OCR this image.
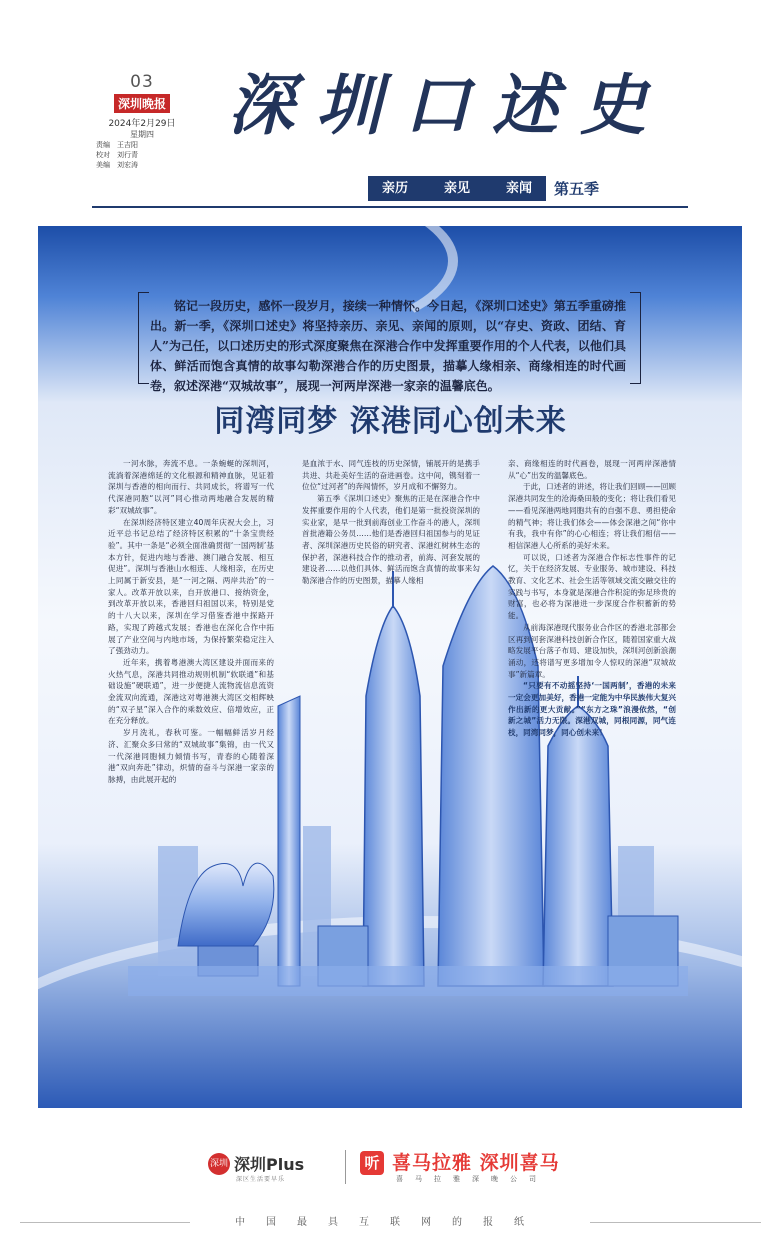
03
深圳晚报
2024年2月29日
星期四
责编　王吉阳
校对　刘行青
美编　刘宏涛
深圳口述史
亲历	亲见	亲闻 第五季
铭记一段历史，感怀一段岁月，接续一种情怀。今日起，《深圳口述史》第五季重磅推出。新一季，《深圳口述史》将坚持亲历、亲见、亲闻的原则，以“存史、资政、团结、育人”为己任，以口述历史的形式深度聚焦在深港合作中发挥重要作用的个人代表，以他们具体、鲜活而饱含真情的故事勾勒深港合作的历史图景，描摹人缘相亲、商缘相连的时代画卷，叙述深港“双城故事”，展现一河两岸深港一家亲的温馨底色。
同湾同梦 深港同心创未来

一河水脉，奔流不息。一条蜿蜒的深圳河，流淌着深港绵延的文化根源和精神血脉，见证着深圳与香港的相向而行、共同成长，将谱写一代代深港同胞“以河”同心推动两地融合发展的精彩“双城故事”。

在深圳经济特区建立40周年庆祝大会上，习近平总书记总结了经济特区积累的“十条宝贵经验”。其中一条是“必须全面准确贯彻‘一国两制’基本方针，促进内地与香港、澳门融合发展、相互促进”。深圳与香港山水相连、人缘相亲，在历史上同属于新安县，是“一河之隔、两岸共治”的一家人。改革开放以来，自开放港口、接纳资金，到改革开放以来，香港回归祖国以来，特别是党的十八大以来，深圳在学习借鉴香港中探路开路，实现了跨越式发展；香港也在深化合作中拓展了产业空间与内地市场，为保持繁荣稳定注入了强劲动力。

近年来，携着粤港澳大湾区建设并面而来的火热气息，深港共同推动规则机制“软联通”和基础设施“硬联通”，进一步便捷人流物流信息流资金流双向流通，深港这对粤港澳大湾区交相辉映的“双子星”深入合作的乘数效应、倍增效应，正在充分释放。

岁月洗礼，春秋可鉴。一幅幅鲜活岁月经济、汇聚众多曰常的“双城故事”集锦，由一代又一代深港同胞倾力倾情书写，青春的心随着深港“双向奔赴”律动，炽情的奋斗与深港一家亲的脉搏，由此展开起的

是血浓于水、同气连枝的历史深情，铺展开的是携手共进、共赴美好生活的奋进画卷。这中间，镌刻着一位位“过河者”的奔闯情怀，岁月成和不懈努力。

第五季《深圳口述史》聚焦的正是在深港合作中发挥重要作用的个人代表，他们是第一批投资深圳的实业家，是早一批到前海创业工作奋斗的港人，深圳首批港籍公务员……他们是香港回归祖国参与的见证者、深圳深港历史民俗的研究者、深港红树林生态的保护者，深港科技合作的推动者，前海、河套发展的建设者……以他们具体、鲜活而饱含真情的故事来勾勒深港合作的历史图景，描摹人缘相

亲、商缘相连的时代画卷，展现一河两岸深港情从“心”出发的温馨底色。

于此，口述者的讲述，将让我们回顾——回顾深港共同发生的沧海桑田般的变化；将让我们看见——看见深港两地同胞共有的自强不息、勇担使命的精气神；将让我们体会——体会深港之间“你中有我，我中有你”的心心相连；将让我们相信——相信深港人心所系的美好未来。

可以说，口述者为深港合作标志性事件的记忆，关于在经济发展、专业服务、城市建设、科技教育、文化艺术、社会生活等领域交流交融交往的实践与书写，本身就是深港合作积淀的弥足珍贵的财富，也必将为深港进一步深度合作积蓄新的势能。

从前海深港现代服务业合作区的香港北部都会区再到河套深港科技创新合作区，随着国家重大战略发展平台落子布局、建设加快，深圳河创新浪潮涌动，还将谱写更多增加令人惊叹的深港“双城故事”新篇章。

“只要有不动摇坚持‘一国两制’，香港的未来一定会更加美好，香港一定能为中华民族伟大复兴作出新的更大贡献。”“东方之珠”浪漫依然，“创新之城”活力无限。深港双城，同根同源，同气连枝，同湾同梦，同心创未来！

深圳 深圳Plus
深区生活要早乐
听 喜马拉雅 深圳喜马
喜马拉雅深晚公司
中国最具互联网的报纸
